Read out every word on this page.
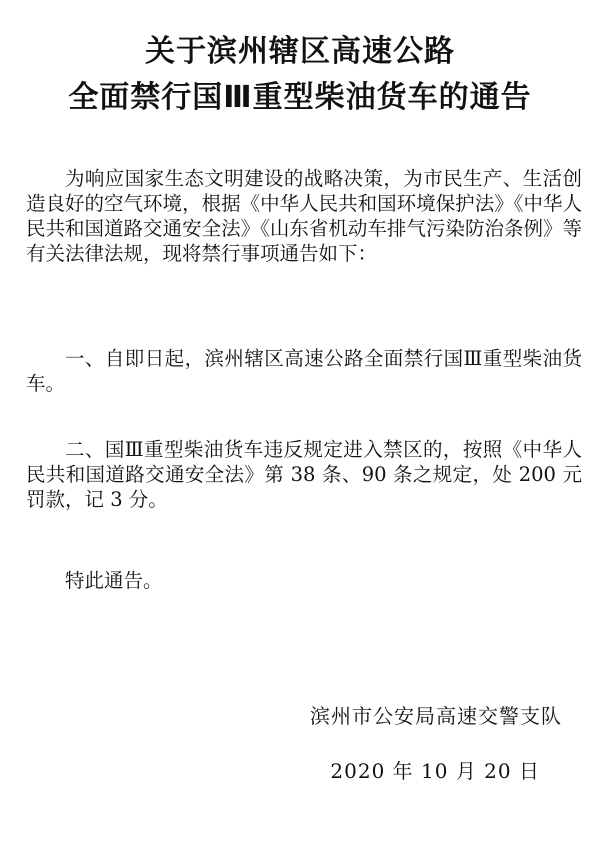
关于滨州辖区高速公路
全面禁行国Ⅲ重型柴油货车的通告
为响应国家生态文明建设的战略决策，为市民生产、生活创造良好的空气环境，根据《中华人民共和国环境保护法》《中华人民共和国道路交通安全法》《山东省机动车排气污染防治条例》等有关法律法规，现将禁行事项通告如下：
一、自即日起，滨州辖区高速公路全面禁行国Ⅲ重型柴油货车。
二、国Ⅲ重型柴油货车违反规定进入禁区的，按照《中华人民共和国道路交通安全法》第 38 条、90 条之规定，处 200 元罚款，记 3 分。
特此通告。
滨州市公安局高速交警支队
2020 年 10 月 20 日
